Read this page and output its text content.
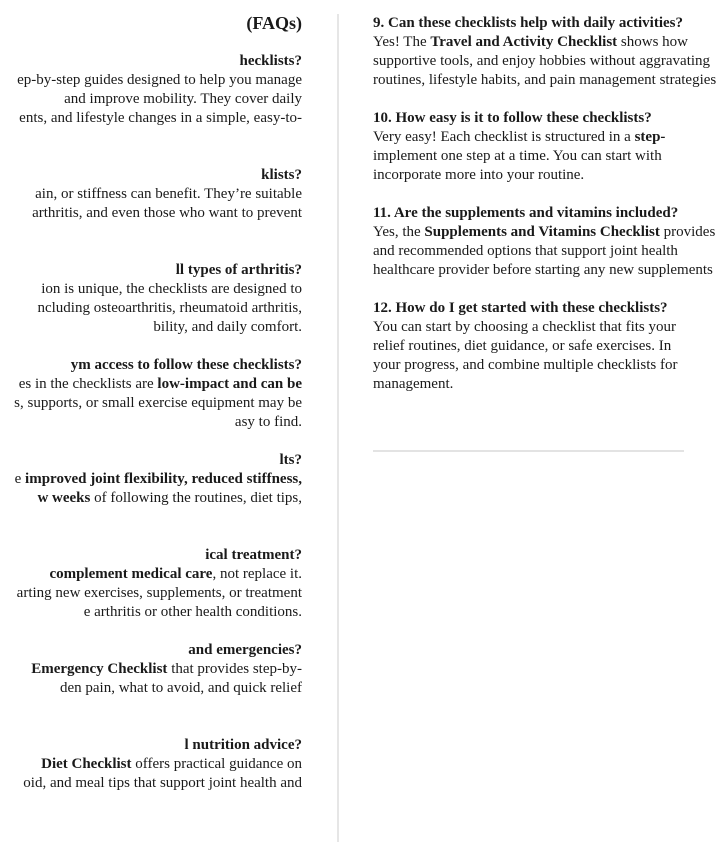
(FAQs)
hecklists?
ep-by-step guides designed to help you manage
and improve mobility. They cover daily
ents, and lifestyle changes in a simple, easy-to-
klists?
ain, or stiffness can benefit. They’re suitable
arthritis, and even those who want to prevent
ll types of arthritis?
ion is unique, the checklists are designed to
ncluding osteoarthritis, rheumatoid arthritis,
bility, and daily comfort.
ym access to follow these checklists?
es in the checklists are low-impact and can be
s, supports, or small exercise equipment may be
asy to find.
lts?
e improved joint flexibility, reduced stiffness,
w weeks of following the routines, diet tips,
ical treatment?
complement medical care, not replace it.
arting new exercises, supplements, or treatment
e arthritis or other health conditions.
and emergencies?
Emergency Checklist that provides step-by-
den pain, what to avoid, and quick relief
l nutrition advice?
Diet Checklist offers practical guidance on
oid, and meal tips that support joint health and
9. Can these checklists help with daily activities?
Yes! The Travel and Activity Checklist shows how
supportive tools, and enjoy hobbies without aggravating
routines, lifestyle habits, and pain management strategies
10. How easy is it to follow these checklists?
Very easy! Each checklist is structured in a step-
implement one step at a time. You can start with
incorporate more into your routine.
11. Are the supplements and vitamins included?
Yes, the Supplements and Vitamins Checklist provides
and recommended options that support joint health
healthcare provider before starting any new supplements
12. How do I get started with these checklists?
You can start by choosing a checklist that fits your
relief routines, diet guidance, or safe exercises. In
your progress, and combine multiple checklists for
management.
